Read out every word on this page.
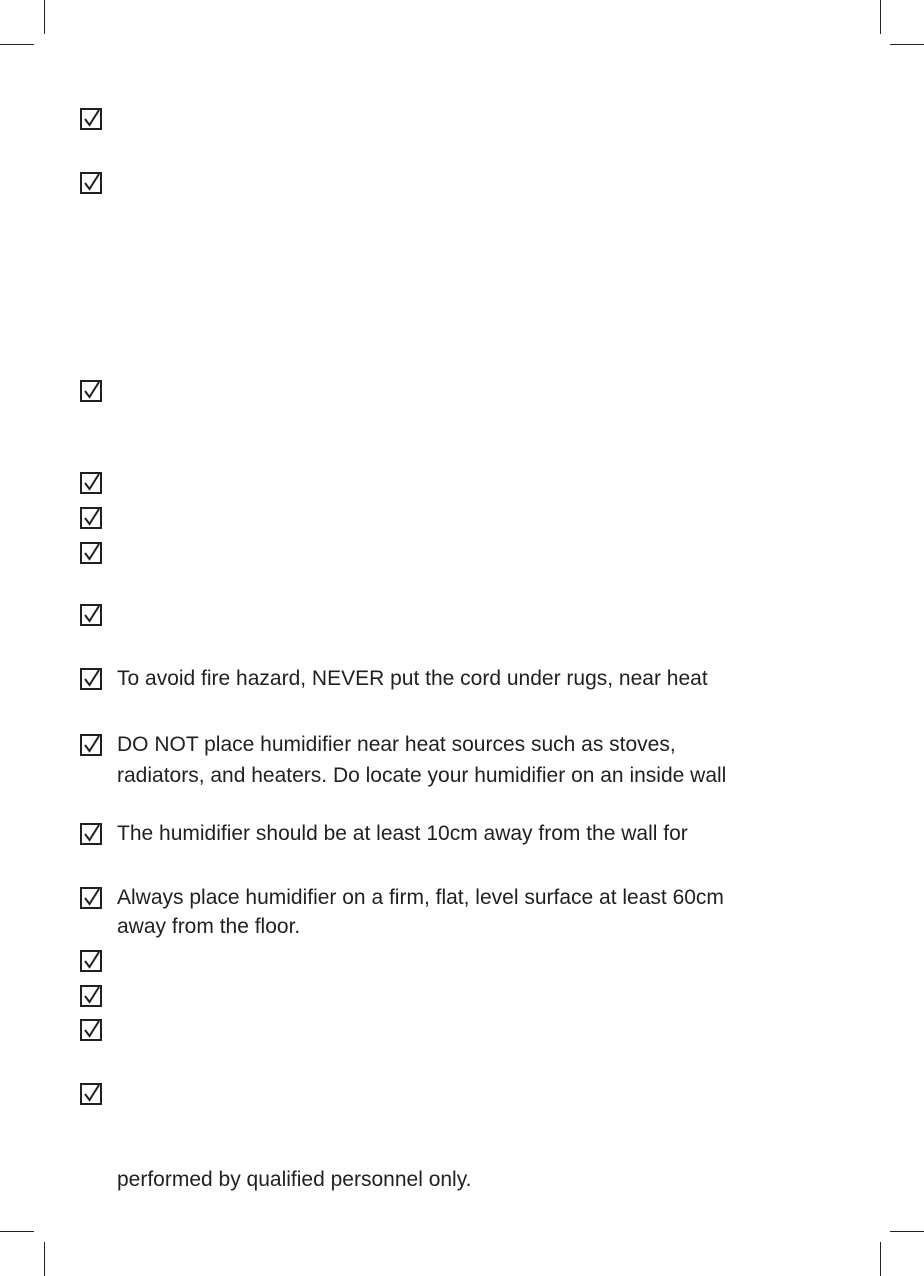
To avoid fire hazard, NEVER put the cord under rugs, near heat
DO NOT place humidifier near heat sources such as stoves,
radiators, and heaters. Do locate your humidifier on an inside wall
The humidifier should be at least 10cm away from the wall for
Always place humidifier on a firm, flat, level surface at least 60cm
away from the floor.
performed by qualified personnel only.
